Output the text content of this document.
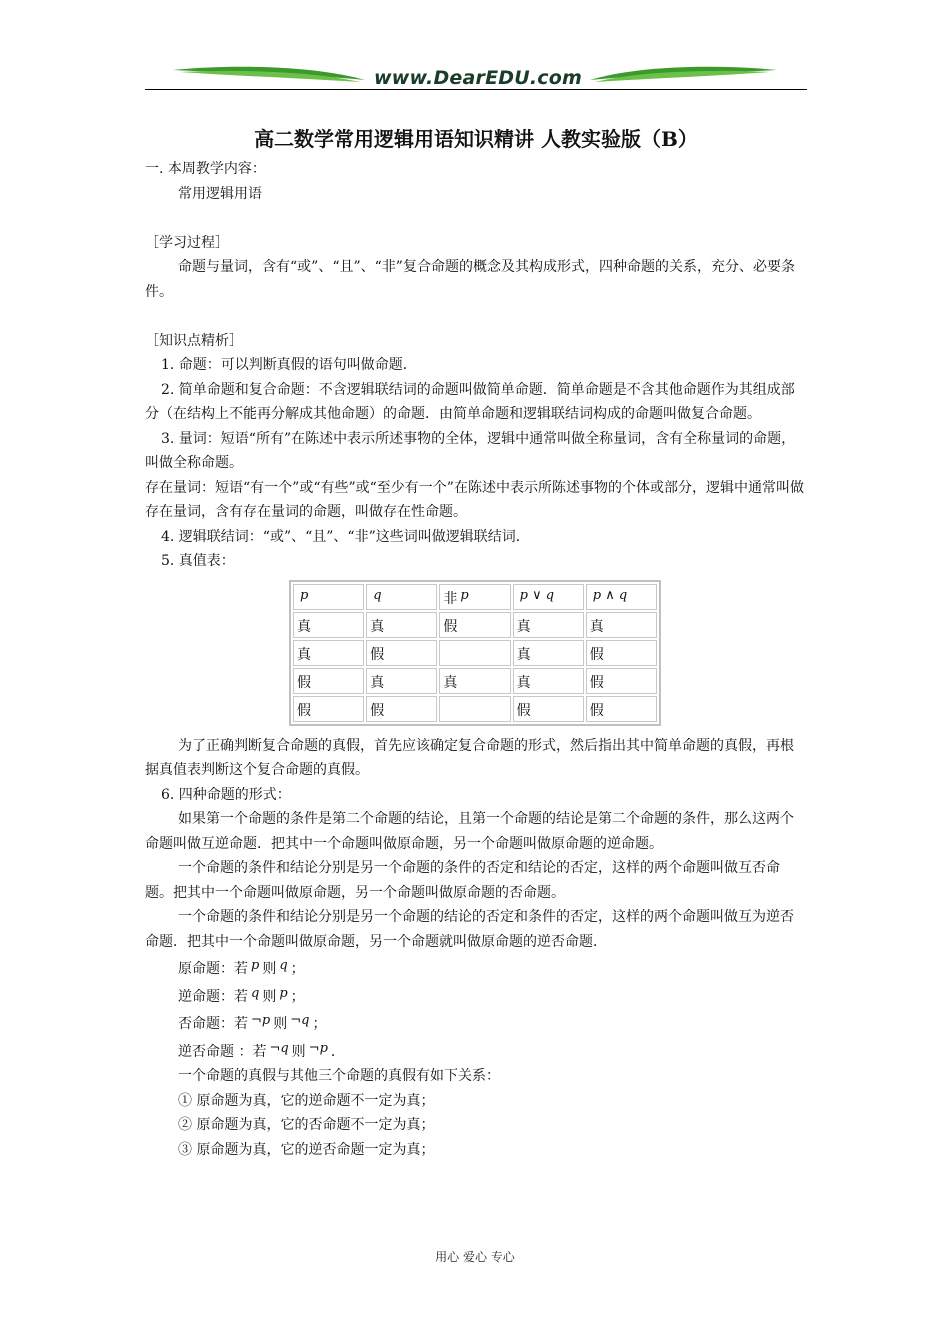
www.DearEDU.com
高二数学常用逻辑用语知识精讲 人教实验版（B）

一. 本周教学内容：

常用逻辑用语

［学习过程］

命题与量词，含有“或”、“且”、“非”复合命题的概念及其构成形式，四种命题的关系，充分、必要条件。

［知识点精析］

1. 命题：可以判断真假的语句叫做命题．

2. 简单命题和复合命题：不含逻辑联结词的命题叫做简单命题．简单命题是不含其他命题作为其组成部分（在结构上不能再分解成其他命题）的命题．由简单命题和逻辑联结词构成的命题叫做复合命题。

3. 量词：短语“所有”在陈述中表示所述事物的全体，逻辑中通常叫做全称量词，含有全称量词的命题，叫做全称命题。

存在量词：短语“有一个”或“有些”或“至少有一个”在陈述中表示所陈述事物的个体或部分，逻辑中通常叫做存在量词，含有存在量词的命题，叫做存在性命题。

4. 逻辑联结词：“或”、“且”、“非”这些词叫做逻辑联结词．

5. 真值表：

p	q	非 p	p ∨ q	p ∧ q
真	真	假	真	真
真	假		真	假
假	真	真	真	假
假	假		假	假

为了正确判断复合命题的真假，首先应该确定复合命题的形式，然后指出其中简单命题的真假，再根据真值表判断这个复合命题的真假。

6. 四种命题的形式：

如果第一个命题的条件是第二个命题的结论，且第一个命题的结论是第二个命题的条件，那么这两个命题叫做互逆命题．把其中一个命题叫做原命题，另一个命题叫做原命题的逆命题。

一个命题的条件和结论分别是另一个命题的条件的否定和结论的否定，这样的两个命题叫做互否命题。把其中一个命题叫做原命题，另一个命题叫做原命题的否命题。

一个命题的条件和结论分别是另一个命题的结论的否定和条件的否定，这样的两个命题叫做互为逆否命题．把其中一个命题叫做原命题，另一个命题就叫做原命题的逆否命题．

原命题：若 p 则 q ；

逆命题：若 q 则 p ；

否命题：若 ¬p 则 ¬q ；

逆否命题 ：若 ¬q 则 ¬p ．

一个命题的真假与其他三个命题的真假有如下关系：

① 原命题为真，它的逆命题不一定为真；

② 原命题为真，它的否命题不一定为真；

③ 原命题为真，它的逆否命题一定为真；

用心 爱心 专心
